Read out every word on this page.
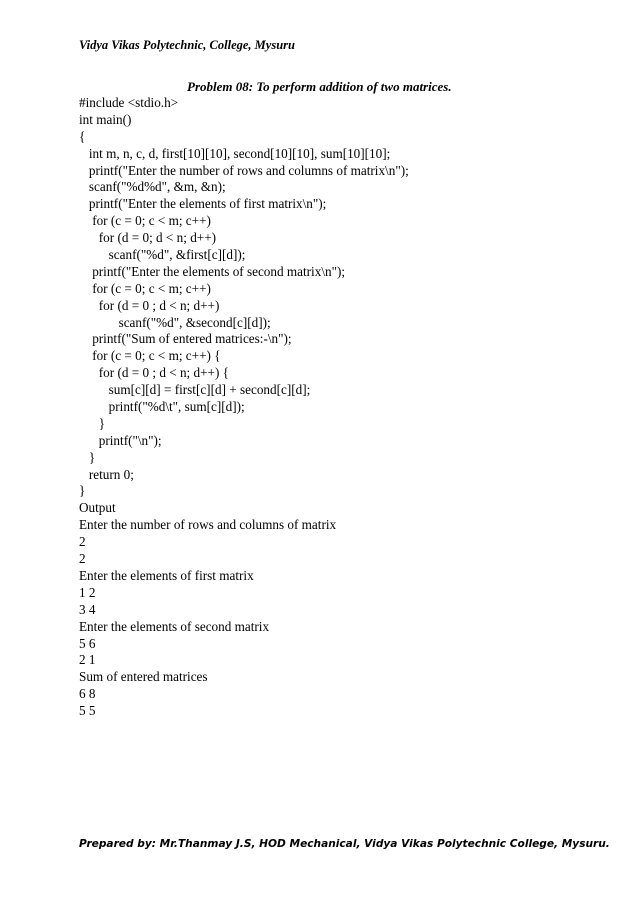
Vidya Vikas Polytechnic, College, Mysuru
Problem 08: To perform addition of two matrices.
#include <stdio.h>
int main()
{
int m, n, c, d, first[10][10], second[10][10], sum[10][10];
printf("Enter the number of rows and columns of matrix\n");
scanf("%d%d", &m, &n);
printf("Enter the elements of first matrix\n");
for (c = 0; c < m; c++)
for (d = 0; d < n; d++)
scanf("%d", &first[c][d]);
printf("Enter the elements of second matrix\n");
for (c = 0; c < m; c++)
for (d = 0 ; d < n; d++)
scanf("%d", &second[c][d]);
printf("Sum of entered matrices:-\n");
for (c = 0; c < m; c++) {
for (d = 0 ; d < n; d++) {
sum[c][d] = first[c][d] + second[c][d];
printf("%d\t", sum[c][d]);
}
printf("\n");
}
return 0;
}
Output
Enter the number of rows and columns of matrix
2
2
Enter the elements of first matrix
1 2
3 4
Enter the elements of second matrix
5 6
2 1
Sum of entered matrices
6 8
5 5
Prepared by: Mr.Thanmay J.S, HOD Mechanical, Vidya Vikas Polytechnic College, Mysuru.
